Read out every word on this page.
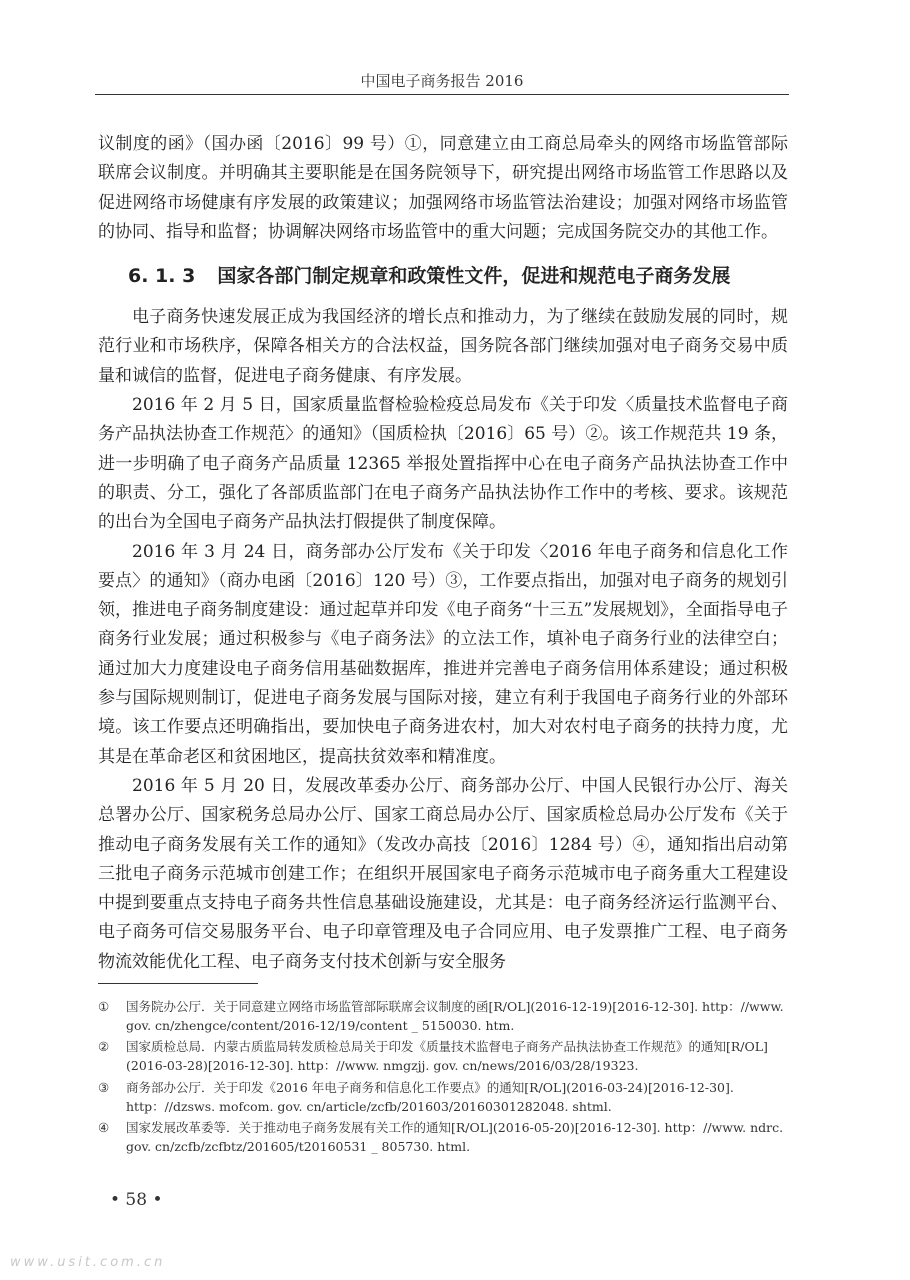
中国电子商务报告 2016

议制度的函》（国办函〔2016〕99 号）①，同意建立由工商总局牵头的网络市场监管部际联席会议制度。并明确其主要职能是在国务院领导下，研究提出网络市场监管工作思路以及促进网络市场健康有序发展的政策建议；加强网络市场监管法治建设；加强对网络市场监管的协同、指导和监督；协调解决网络市场监管中的重大问题；完成国务院交办的其他工作。

6. 1. 3 国家各部门制定规章和政策性文件，促进和规范电子商务发展

电子商务快速发展正成为我国经济的增长点和推动力，为了继续在鼓励发展的同时，规范行业和市场秩序，保障各相关方的合法权益，国务院各部门继续加强对电子商务交易中质量和诚信的监督，促进电子商务健康、有序发展。

2016 年 2 月 5 日，国家质量监督检验检疫总局发布《关于印发〈质量技术监督电子商务产品执法协查工作规范〉的通知》（国质检执〔2016〕65 号）②。该工作规范共 19 条，进一步明确了电子商务产品质量 12365 举报处置指挥中心在电子商务产品执法协查工作中的职责、分工，强化了各部质监部门在电子商务产品执法协作工作中的考核、要求。该规范的出台为全国电子商务产品执法打假提供了制度保障。

2016 年 3 月 24 日，商务部办公厅发布《关于印发〈2016 年电子商务和信息化工作要点〉的通知》（商办电函〔2016〕120 号）③，工作要点指出，加强对电子商务的规划引领，推进电子商务制度建设：通过起草并印发《电子商务“十三五”发展规划》，全面指导电子商务行业发展；通过积极参与《电子商务法》的立法工作，填补电子商务行业的法律空白；通过加大力度建设电子商务信用基础数据库，推进并完善电子商务信用体系建设；通过积极参与国际规则制订，促进电子商务发展与国际对接，建立有利于我国电子商务行业的外部环境。该工作要点还明确指出，要加快电子商务进农村，加大对农村电子商务的扶持力度，尤其是在革命老区和贫困地区，提高扶贫效率和精准度。

2016 年 5 月 20 日，发展改革委办公厅、商务部办公厅、中国人民银行办公厅、海关总署办公厅、国家税务总局办公厅、国家工商总局办公厅、国家质检总局办公厅发布《关于推动电子商务发展有关工作的通知》（发改办高技〔2016〕1284 号）④，通知指出启动第三批电子商务示范城市创建工作；在组织开展国家电子商务示范城市电子商务重大工程建设中提到要重点支持电子商务共性信息基础设施建设，尤其是：电子商务经济运行监测平台、电子商务可信交易服务平台、电子印章管理及电子合同应用、电子发票推广工程、电子商务物流效能优化工程、电子商务支付技术创新与安全服务

①	国务院办公厅．关于同意建立网络市场监管部际联席会议制度的函[R/OL](2016-12-19)[2016-12-30]. http：//www. gov. cn/zhengce/content/2016-12/19/content _ 5150030. htm.
②	国家质检总局．内蒙古质监局转发质检总局关于印发《质量技术监督电子商务产品执法协查工作规范》的通知[R/OL](2016-03-28)[2016-12-30]. http：//www. nmgzjj. gov. cn/news/2016/03/28/19323.
③	商务部办公厅．关于印发《2016 年电子商务和信息化工作要点》的通知[R/OL](2016-03-24)[2016-12-30]. http：//dzsws. mofcom. gov. cn/article/zcfb/201603/20160301282048. shtml.
④	国家发展改革委等．关于推动电子商务发展有关工作的通知[R/OL](2016-05-20)[2016-12-30]. http：//www. ndrc. gov. cn/zcfb/zcfbtz/201605/t20160531 _ 805730. html.
• 58 •
www.usit.com.cn
